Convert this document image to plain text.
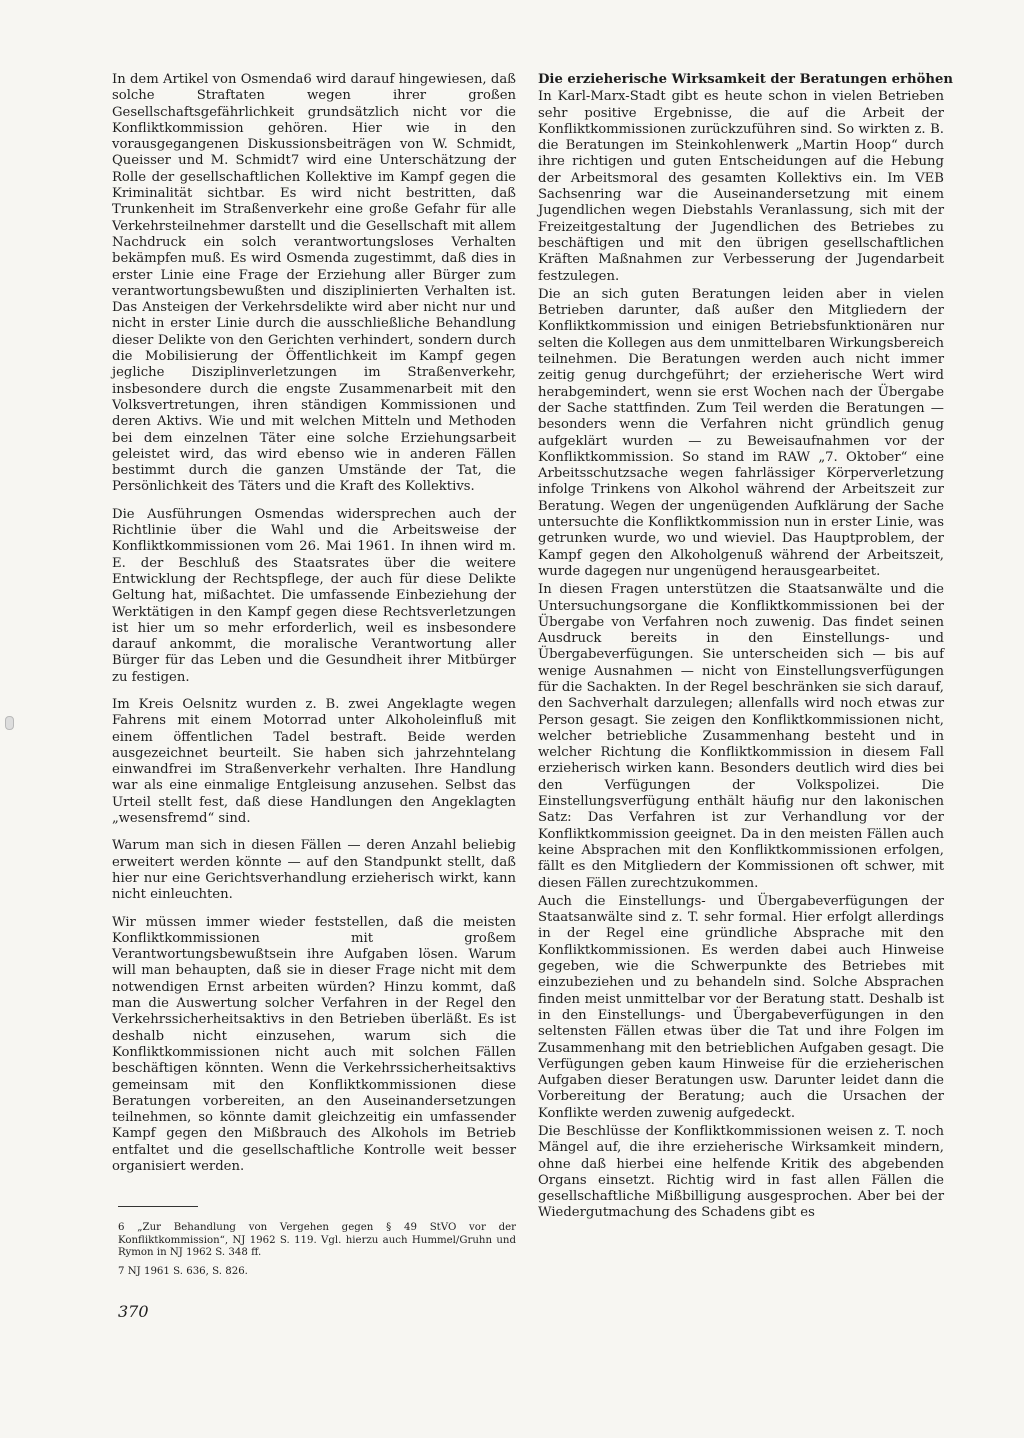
In dem Artikel von Osmenda6 wird darauf hingewiesen, daß solche Straftaten wegen ihrer großen Gesellschaftsgefährlichkeit grundsätzlich nicht vor die Konfliktkommission gehören. Hier wie in den vorausgegangenen Diskussionsbeiträgen von W. Schmidt, Queisser und M. Schmidt7 wird eine Unterschätzung der Rolle der gesellschaftlichen Kollektive im Kampf gegen die Kriminalität sichtbar. Es wird nicht bestritten, daß Trunkenheit im Straßenverkehr eine große Gefahr für alle Verkehrsteilnehmer darstellt und die Gesellschaft mit allem Nachdruck ein solch verantwortungsloses Verhalten bekämpfen muß. Es wird Osmenda zugestimmt, daß dies in erster Linie eine Frage der Erziehung aller Bürger zum verantwortungsbewußten und disziplinierten Verhalten ist. Das Ansteigen der Verkehrsdelikte wird aber nicht nur und nicht in erster Linie durch die ausschließliche Behandlung dieser Delikte von den Gerichten verhindert, sondern durch die Mobilisierung der Öffentlichkeit im Kampf gegen jegliche Disziplinverletzungen im Straßenverkehr, insbesondere durch die engste Zusammenarbeit mit den Volksvertretungen, ihren ständigen Kommissionen und deren Aktivs. Wie und mit welchen Mitteln und Methoden bei dem einzelnen Täter eine solche Erziehungsarbeit geleistet wird, das wird ebenso wie in anderen Fällen bestimmt durch die ganzen Umstände der Tat, die Persönlichkeit des Täters und die Kraft des Kollektivs.

Die Ausführungen Osmendas widersprechen auch der Richtlinie über die Wahl und die Arbeitsweise der Konfliktkommissionen vom 26. Mai 1961. In ihnen wird m. E. der Beschluß des Staatsrates über die weitere Entwicklung der Rechtspflege, der auch für diese Delikte Geltung hat, mißachtet. Die umfassende Einbeziehung der Werktätigen in den Kampf gegen diese Rechtsverletzungen ist hier um so mehr erforderlich, weil es insbesondere darauf ankommt, die moralische Verantwortung aller Bürger für das Leben und die Gesundheit ihrer Mitbürger zu festigen.

Im Kreis Oelsnitz wurden z. B. zwei Angeklagte wegen Fahrens mit einem Motorrad unter Alkoholeinfluß mit einem öffentlichen Tadel bestraft. Beide werden ausgezeichnet beurteilt. Sie haben sich jahrzehntelang einwandfrei im Straßenverkehr verhalten. Ihre Handlung war als eine einmalige Entgleisung anzusehen. Selbst das Urteil stellt fest, daß diese Handlungen den Angeklagten „wesensfremd“ sind.

Warum man sich in diesen Fällen — deren Anzahl beliebig erweitert werden könnte — auf den Standpunkt stellt, daß hier nur eine Gerichtsverhandlung erzieherisch wirkt, kann nicht einleuchten.

Wir müssen immer wieder feststellen, daß die meisten Konfliktkommissionen mit großem Verantwortungsbewußtsein ihre Aufgaben lösen. Warum will man behaupten, daß sie in dieser Frage nicht mit dem notwendigen Ernst arbeiten würden? Hinzu kommt, daß man die Auswertung solcher Verfahren in der Regel den Verkehrssicherheitsaktivs in den Betrieben überläßt. Es ist deshalb nicht einzusehen, warum sich die Konfliktkommissionen nicht auch mit solchen Fällen beschäftigen könnten. Wenn die Verkehrssicherheitsaktivs gemeinsam mit den Konfliktkommissionen diese Beratungen vorbereiten, an den Auseinandersetzungen teilnehmen, so könnte damit gleichzeitig ein umfassender Kampf gegen den Mißbrauch des Alkohols im Betrieb entfaltet und die gesellschaftliche Kontrolle weit besser organisiert werden.

6 „Zur Behandlung von Vergehen gegen § 49 StVO vor der Konfliktkommission“, NJ 1962 S. 119. Vgl. hierzu auch Hummel/Gruhn und Rymon in NJ 1962 S. 348 ff.

7 NJ 1961 S. 636, S. 826.

370
Die erzieherische Wirksamkeit der Beratungen erhöhen

In Karl-Marx-Stadt gibt es heute schon in vielen Betrieben sehr positive Ergebnisse, die auf die Arbeit der Konfliktkommissionen zurückzuführen sind. So wirkten z. B. die Beratungen im Steinkohlenwerk „Martin Hoop“ durch ihre richtigen und guten Entscheidungen auf die Hebung der Arbeitsmoral des gesamten Kollektivs ein. Im VEB Sachsenring war die Auseinandersetzung mit einem Jugendlichen wegen Diebstahls Veranlassung, sich mit der Freizeitgestaltung der Jugendlichen des Betriebes zu beschäftigen und mit den übrigen gesellschaftlichen Kräften Maßnahmen zur Verbesserung der Jugendarbeit festzulegen.

Die an sich guten Beratungen leiden aber in vielen Betrieben darunter, daß außer den Mitgliedern der Konfliktkommission und einigen Betriebsfunktionären nur selten die Kollegen aus dem unmittelbaren Wirkungsbereich teilnehmen. Die Beratungen werden auch nicht immer zeitig genug durchgeführt; der erzieherische Wert wird herabgemindert, wenn sie erst Wochen nach der Übergabe der Sache stattfinden. Zum Teil werden die Beratungen — besonders wenn die Verfahren nicht gründlich genug aufgeklärt wurden — zu Beweisaufnahmen vor der Konfliktkommission. So stand im RAW „7. Oktober“ eine Arbeitsschutzsache wegen fahrlässiger Körperverletzung infolge Trinkens von Alkohol während der Arbeitszeit zur Beratung. Wegen der ungenügenden Aufklärung der Sache untersuchte die Konfliktkommission nun in erster Linie, was getrunken wurde, wo und wieviel. Das Hauptproblem, der Kampf gegen den Alkoholgenuß während der Arbeitszeit, wurde dagegen nur ungenügend herausgearbeitet.

In diesen Fragen unterstützen die Staatsanwälte und die Untersuchungsorgane die Konfliktkommissionen bei der Übergabe von Verfahren noch zuwenig. Das findet seinen Ausdruck bereits in den Einstellungs- und Übergabeverfügungen. Sie unterscheiden sich — bis auf wenige Ausnahmen — nicht von Einstellungsverfügungen für die Sachakten. In der Regel beschränken sie sich darauf, den Sachverhalt darzulegen; allenfalls wird noch etwas zur Person gesagt. Sie zeigen den Konfliktkommissionen nicht, welcher betriebliche Zusammenhang besteht und in welcher Richtung die Konfliktkommission in diesem Fall erzieherisch wirken kann. Besonders deutlich wird dies bei den Verfügungen der Volkspolizei. Die Einstellungsverfügung enthält häufig nur den lakonischen Satz: Das Verfahren ist zur Verhandlung vor der Konfliktkommission geeignet. Da in den meisten Fällen auch keine Absprachen mit den Konfliktkommissionen erfolgen, fällt es den Mitgliedern der Kommissionen oft schwer, mit diesen Fällen zurechtzukommen.

Auch die Einstellungs- und Übergabeverfügungen der Staatsanwälte sind z. T. sehr formal. Hier erfolgt allerdings in der Regel eine gründliche Absprache mit den Konfliktkommissionen. Es werden dabei auch Hinweise gegeben, wie die Schwerpunkte des Betriebes mit einzubeziehen und zu behandeln sind. Solche Absprachen finden meist unmittelbar vor der Beratung statt. Deshalb ist in den Einstellungs- und Übergabeverfügungen in den seltensten Fällen etwas über die Tat und ihre Folgen im Zusammenhang mit den betrieblichen Aufgaben gesagt. Die Verfügungen geben kaum Hinweise für die erzieherischen Aufgaben dieser Beratungen usw. Darunter leidet dann die Vorbereitung der Beratung; auch die Ursachen der Konflikte werden zuwenig aufgedeckt.

Die Beschlüsse der Konfliktkommissionen weisen z. T. noch Mängel auf, die ihre erzieherische Wirksamkeit mindern, ohne daß hierbei eine helfende Kritik des abgebenden Organs einsetzt. Richtig wird in fast allen Fällen die gesellschaftliche Mißbilligung ausgesprochen. Aber bei der Wiedergutmachung des Schadens gibt es
